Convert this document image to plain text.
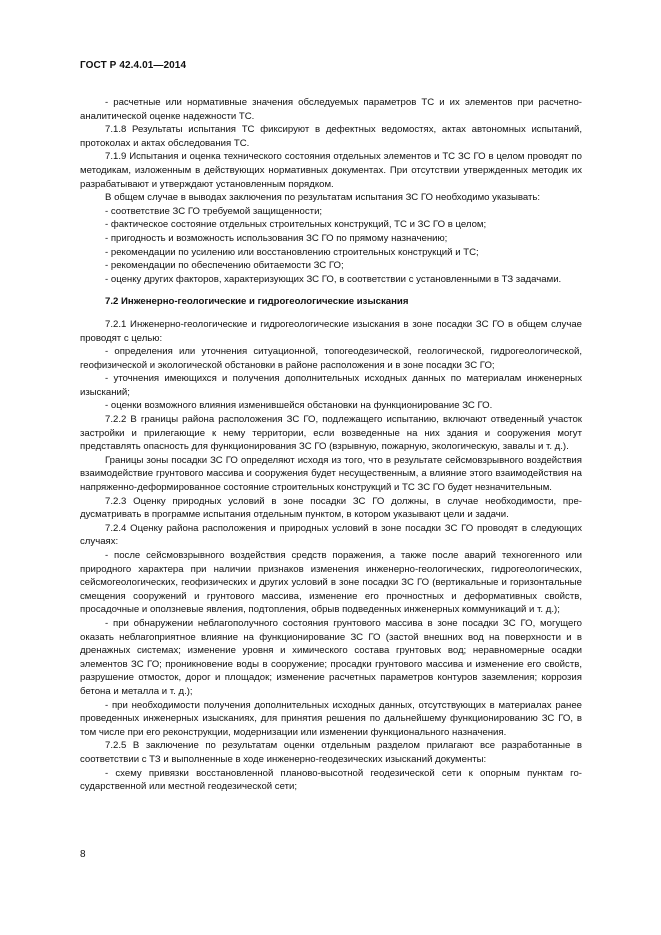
ГОСТ Р 42.4.01—2014

- расчетные или нормативные значения обследуемых параметров ТС и их элементов при расчетно-аналитической оценке надежности ТС.

7.1.8 Результаты испытания ТС фиксируют в дефектных ведомостях, актах автономных испытаний, протоколах и актах обследования ТС.

7.1.9 Испытания и оценка технического состояния отдельных элементов и ТС ЗС ГО в целом проводят по методикам, изложенным в действующих нормативных документах. При отсутствии утвержденных методик их разрабатывают и утверждают установленным порядком.

В общем случае в выводах заключения по результатам испытания ЗС ГО необходимо указывать:

- соответствие ЗС ГО требуемой защищенности;

- фактическое состояние отдельных строительных конструкций, ТС и ЗС ГО в целом;

- пригодность и возможность использования ЗС ГО по прямому назначению;

- рекомендации по усилению или восстановлению строительных конструкций и ТС;

- рекомендации по обеспечению обитаемости ЗС ГО;

- оценку других факторов, характеризующих ЗС ГО, в соответствии с установленными в ТЗ задачами.

7.2 Инженерно-геологические и гидрогеологические изыскания

7.2.1 Инженерно-геологические и гидрогеологические изыскания в зоне посадки ЗС ГО в общем случае проводят с целью:

- определения или уточнения ситуационной, топогеодезической, геологической, гидрогеологической, геофизической и экологической обстановки в районе расположения и в зоне посадки ЗС ГО;

- уточнения имеющихся и получения дополнительных исходных данных по материалам инженерных изысканий;

- оценки возможного влияния изменившейся обстановки на функционирование ЗС ГО.

7.2.2 В границы района расположения ЗС ГО, подлежащего испытанию, включают отведенный участок застройки и прилегающие к нему территории, если возведенные на них здания и сооружения могут представлять опасность для функционирования ЗС ГО (взрывную, пожарную, экологическую, завалы и т. д.).

Границы зоны посадки ЗС ГО определяют исходя из того, что в результате сейсмовзрывного воздействия взаимодействие грунтового массива и сооружения будет несущественным, а влияние этого взаимодействия на напряженно-деформированное состояние строительных конструкций и ТС ЗС ГО будет незначительным.

7.2.3 Оценку природных условий в зоне посадки ЗС ГО должны, в случае необходимости, предусматривать в программе испытания отдельным пунктом, в котором указывают цели и задачи.

7.2.4 Оценку района расположения и природных условий в зоне посадки ЗС ГО проводят в следующих случаях:

- после сейсмовзрывного воздействия средств поражения, а также после аварий техногенного или природного характера при наличии признаков изменения инженерно-геологических, гидрогеологических, сейсмогеологических, геофизических и других условий в зоне посадки ЗС ГО (вертикальные и горизонтальные смещения сооружений и грунтового массива, изменение его прочностных и деформативных свойств, просадочные и оползневые явления, подтопления, обрыв подведенных инженерных коммуникаций и т. д.);

- при обнаружении неблагополучного состояния грунтового массива в зоне посадки ЗС ГО, могущего оказать неблагоприятное влияние на функционирование ЗС ГО (застой внешних вод на поверхности и в дренажных системах; изменение уровня и химического состава грунтовых вод; неравномерные осадки элементов ЗС ГО; проникновение воды в сооружение; просадки грунтового массива и изменение его свойств, разрушение отмосток, дорог и площадок; изменение расчетных параметров контуров заземления; коррозия бетона и металла и т. д.);

- при необходимости получения дополнительных исходных данных, отсутствующих в материалах ранее проведенных инженерных изысканиях, для принятия решения по дальнейшему функционированию ЗС ГО, в том числе при его реконструкции, модернизации или изменении функционального назначения.

7.2.5 В заключение по результатам оценки отдельным разделом прилагают все разработанные в соответствии с ТЗ и выполненные в ходе инженерно-геодезических изысканий документы:

- схему привязки восстановленной планово-высотной геодезической сети к опорным пунктам государственной или местной геодезической сети;

8
